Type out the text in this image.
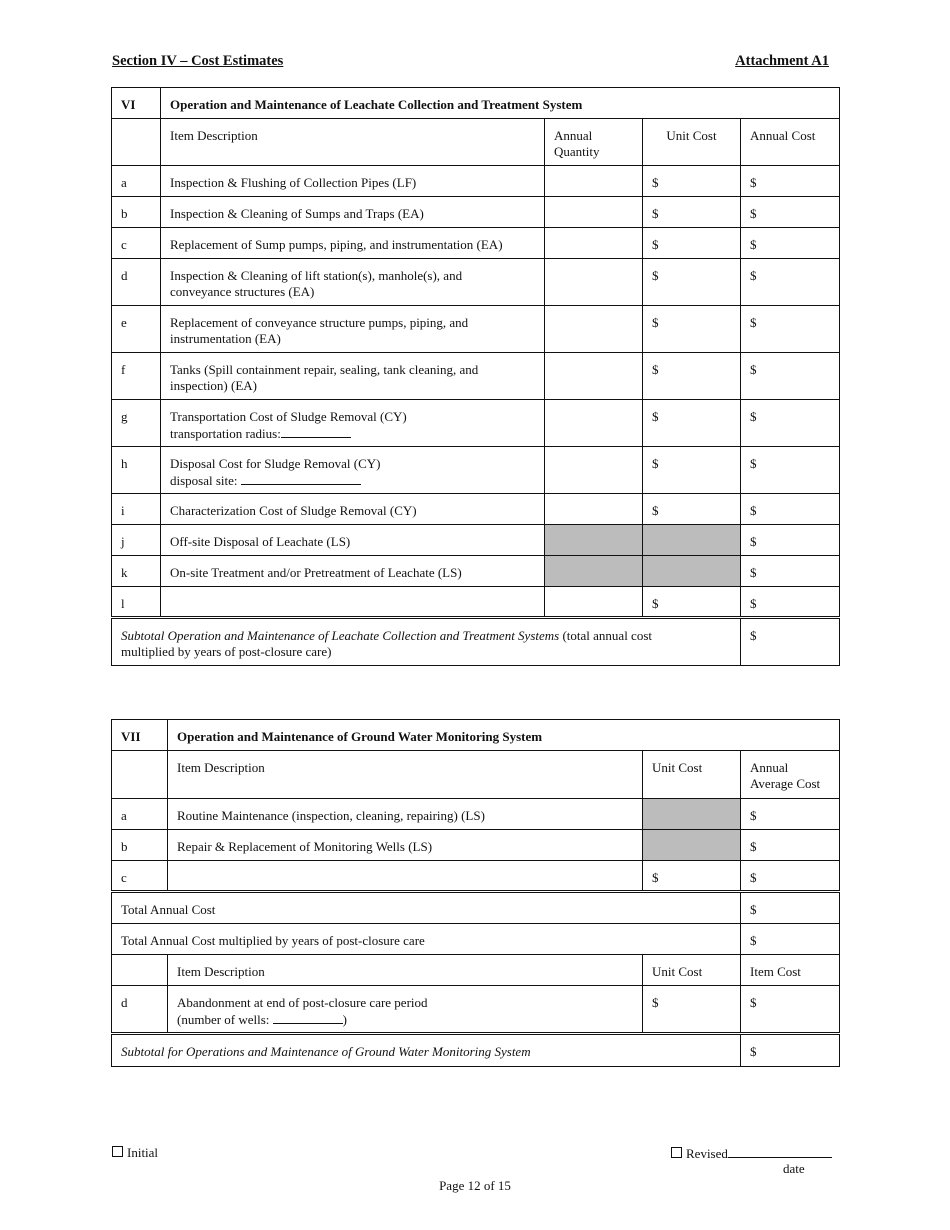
Section IV – Cost Estimates	Attachment A1
VI	Operation and Maintenance of Leachate Collection and Treatment System			
	Item Description	Annual Quantity	Unit Cost	Annual Cost
a	Inspection & Flushing of Collection Pipes (LF)		$	$
b	Inspection & Cleaning of Sumps and Traps (EA)		$	$
c	Replacement of Sump pumps, piping, and instrumentation (EA)		$	$
d	Inspection & Cleaning of lift station(s), manhole(s), and
conveyance structures (EA)		$	$
e	Replacement of conveyance structure pumps, piping, and
instrumentation (EA)		$	$
f	Tanks (Spill containment repair, sealing, tank cleaning, and
inspection) (EA)		$	$
g	Transportation Cost of Sludge Removal (CY)
transportation radius:		$	$
h	Disposal Cost for Sludge Removal (CY)
disposal site:		$	$
i	Characterization Cost of Sludge Removal (CY)		$	$
j	Off-site Disposal of Leachate (LS)			$
k	On-site Treatment and/or Pretreatment of Leachate (LS)			$
l			$	$
Subtotal Operation and Maintenance of Leachate Collection and Treatment Systems (total annual cost
multiplied by years of post-closure care)				$
VII	Operation and Maintenance of Ground Water Monitoring System		
	Item Description	Unit Cost	Annual
Average Cost

a	Routine Maintenance (inspection, cleaning, repairing) (LS)		$
b	Repair & Replacement of Monitoring Wells (LS)		$
c		$	$
Total Annual Cost			$
Total Annual Cost multiplied by years of post-closure care			$
	Item Description	Unit Cost	Item Cost
d	Abandonment at end of post-closure care period
(number of wells: )	$	$
Subtotal for Operations and Maintenance of Ground Water Monitoring System			$
Initial	Revised
date
Page 12 of 15
